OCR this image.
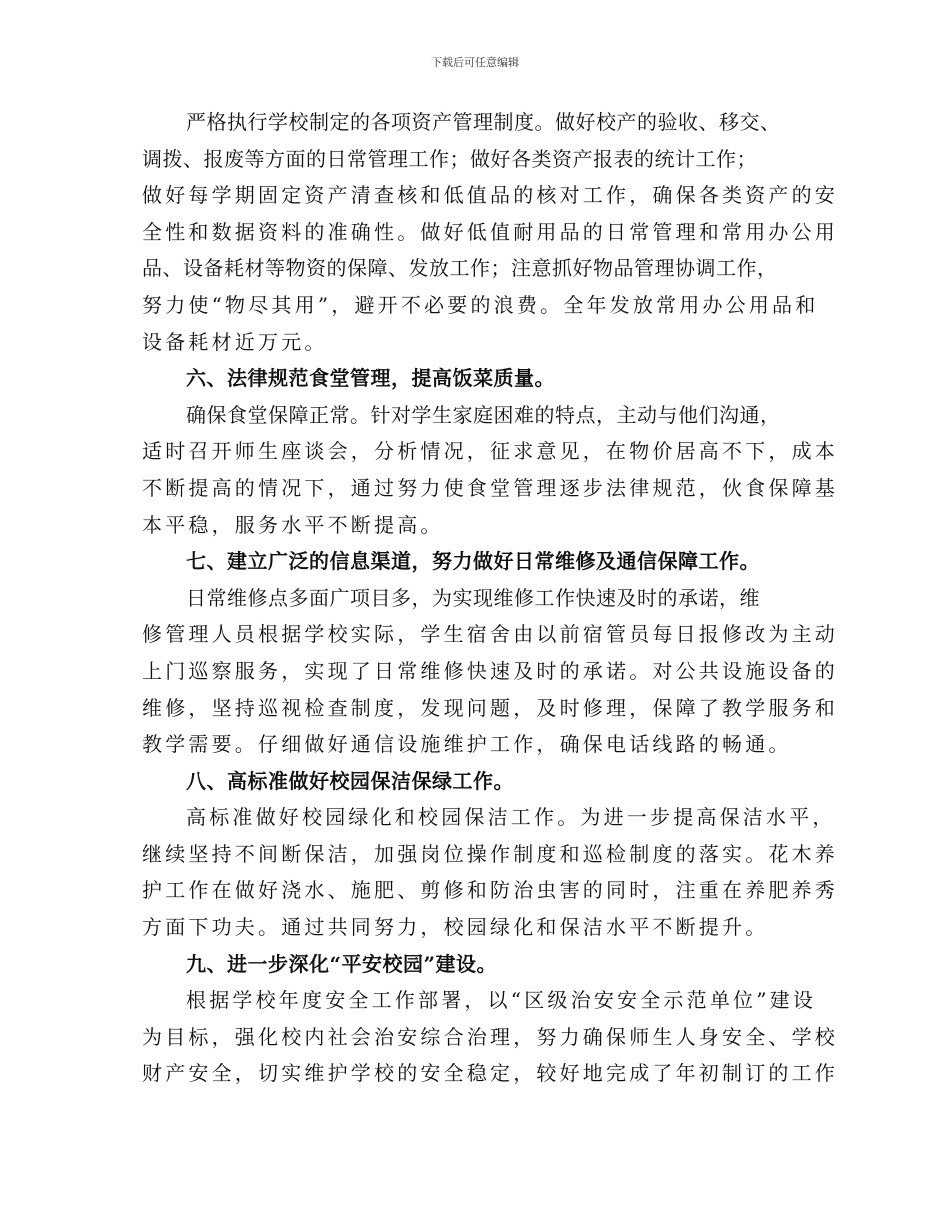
下载后可任意编辑
严格执行学校制定的各项资产管理制度。做好校产的验收、移交、
调拨、报废等方面的日常管理工作；做好各类资产报表的统计工作；
做好每学期固定资产清查核和低值品的核对工作，确保各类资产的安
全性和数据资料的准确性。做好低值耐用品的日常管理和常用办公用
品、设备耗材等物资的保障、发放工作；注意抓好物品管理协调工作，
努力使“物尽其用”，避开不必要的浪费。全年发放常用办公用品和
设备耗材近万元。
六、法律规范食堂管理，提高饭菜质量。
确保食堂保障正常。针对学生家庭困难的特点，主动与他们沟通，
适时召开师生座谈会，分析情况，征求意见，在物价居高不下，成本
不断提高的情况下，通过努力使食堂管理逐步法律规范，伙食保障基
本平稳，服务水平不断提高。
七、建立广泛的信息渠道，努力做好日常维修及通信保障工作。
日常维修点多面广项目多，为实现维修工作快速及时的承诺，维
修管理人员根据学校实际，学生宿舍由以前宿管员每日报修改为主动
上门巡察服务，实现了日常维修快速及时的承诺。对公共设施设备的
维修，坚持巡视检查制度，发现问题，及时修理，保障了教学服务和
教学需要。仔细做好通信设施维护工作，确保电话线路的畅通。
八、高标准做好校园保洁保绿工作。
高标准做好校园绿化和校园保洁工作。为进一步提高保洁水平，
继续坚持不间断保洁，加强岗位操作制度和巡检制度的落实。花木养
护工作在做好浇水、施肥、剪修和防治虫害的同时，注重在养肥养秀
方面下功夫。通过共同努力，校园绿化和保洁水平不断提升。
九、进一步深化“平安校园”建设。
根据学校年度安全工作部署，以“区级治安安全示范单位”建设
为目标，强化校内社会治安综合治理，努力确保师生人身安全、学校
财产安全，切实维护学校的安全稳定，较好地完成了年初制订的工作
